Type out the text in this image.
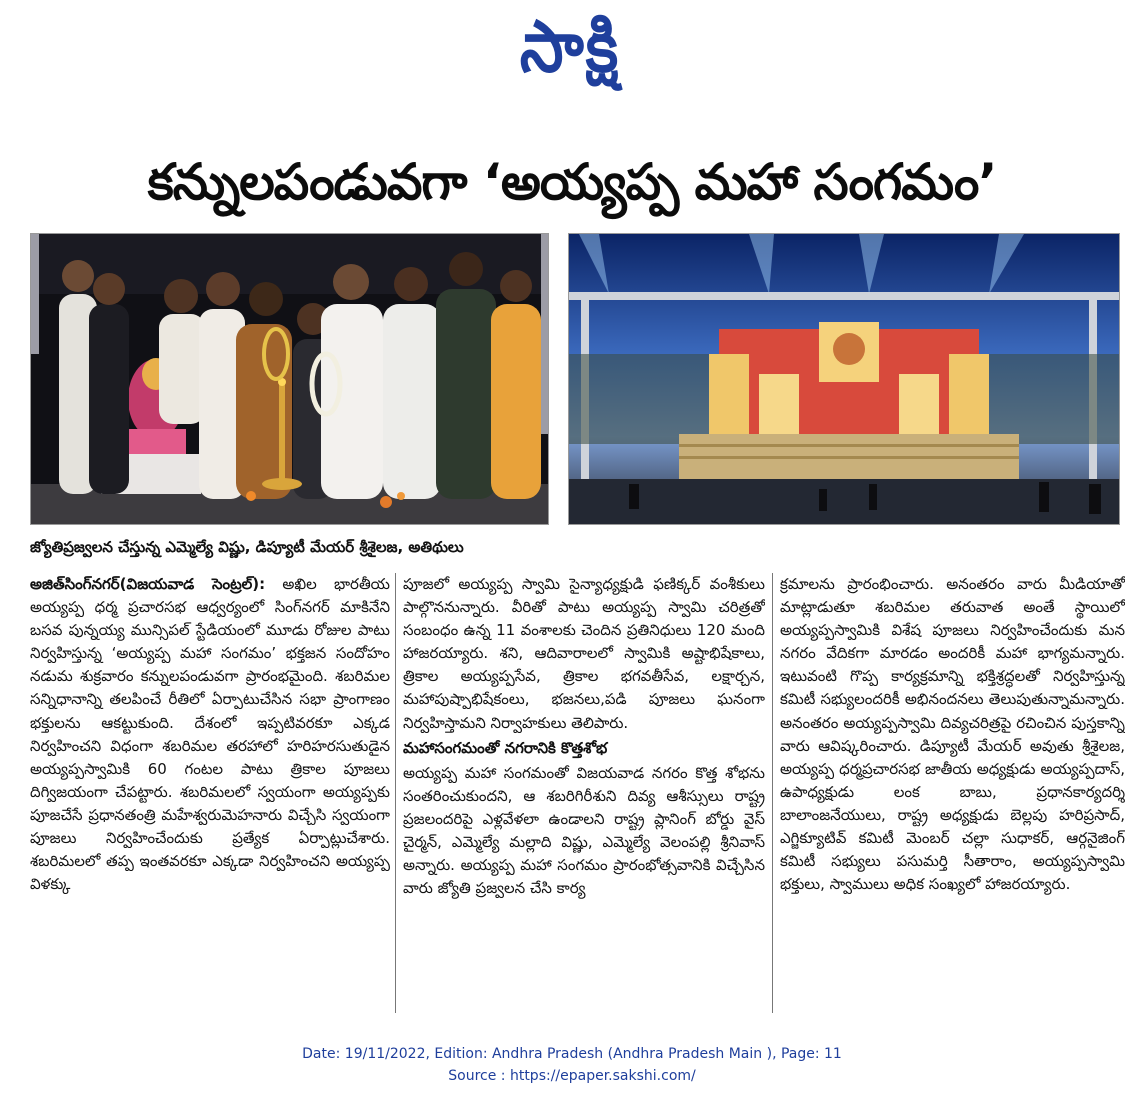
సాక్షి
కన్నులపండువగా ‘అయ్యప్ప మహా సంగమం’
జ్యోతిప్రజ్వలన చేస్తున్న ఎమ్మెల్యే విష్ణు, డిప్యూటీ మేయర్ శ్రీశైలజ, అతిథులు

అజిత్‌సింగ్‌నగర్(విజయవాడ సెంట్రల్): అఖిల భారతీయ అయ్యప్ప ధర్మ ప్రచారసభ ఆధ్వర్యంలో సింగ్‌నగర్ మాకినేని బసవ పున్నయ్య మున్సిపల్ స్టేడియంలో మూడు రోజుల పాటు నిర్వహిస్తున్న ‘అయ్యప్ప మహా సంగమం’ భక్తజన సందోహం నడుమ శుక్రవారం కన్నులపండువగా ప్రారంభమైంది. శబరిమల సన్నిధానాన్ని తలపించే రీతిలో ఏర్పాటుచేసిన సభా ప్రాంగాణం భక్తులను ఆకట్టుకుంది. దేశంలో ఇప్పటివరకూ ఎక్కడ నిర్వహించని విధంగా శబరిమల తరహాలో హరిహరసుతుడైన అయ్యప్పస్వామికి 60 గంటల పాటు త్రికాల పూజలు దిగ్విజయంగా చేపట్టారు. శబరిమలలో స్వయంగా అయ్యప్పకు పూజచేసే ప్రధానతంత్రి మహేశ్వరుమెహనారు విచ్చేసి స్వయంగా పూజలు నిర్వహించేందుకు ప్రత్యేక ఏర్పాట్లుచేశారు. శబరిమలలో తప్ప ఇంతవరకూ ఎక్కడా నిర్వహించని అయ్యప్ప విళక్కు

పూజలో అయ్యప్ప స్వామి సైన్యాధ్యక్షుడి ఫణిక్కర్ వంశీకులు పాల్గొననున్నారు. వీరితో పాటు అయ్యప్ప స్వామి చరిత్రతో సంబంధం ఉన్న 11 వంశాలకు చెందిన ప్రతినిధులు 120 మంది హాజరయ్యారు. శని, ఆదివారాలలో స్వామికి అష్టాభిషేకాలు, త్రికాల అయ్యప్పసేవ, త్రికాల భగవతీసేవ, లక్షార్చన, మహాపుష్పాభిషేకంలు, భజనలు,పడి పూజలు ఘనంగా నిర్వహిస్తామని నిర్వాహకులు తెలిపారు.

మహాసంగమంతో నగరానికి కొత్తశోభ

అయ్యప్ప మహా సంగమంతో విజయవాడ నగరం కొత్త శోభను సంతరించుకుందని, ఆ శబరిగిరీశుని దివ్య ఆశీస్సులు రాష్ట్ర ప్రజలందరిపై ఎళ్లవేళలా ఉండాలని రాష్ట్ర ప్లానింగ్ బోర్డు వైస్ చైర్మన్, ఎమ్మెల్యే మల్లాది విష్ణు, ఎమ్మెల్యే వెలంపల్లి శ్రీనివాస్ అన్నారు. అయ్యప్ప మహా సంగమం ప్రారంభోత్సవానికి విచ్చేసిన వారు జ్యోతి ప్రజ్వలన చేసి కార్య

క్రమాలను ప్రారంభించారు. అనంతరం వారు మీడియాతో మాట్లాడుతూ శబరిమల తరువాత అంతే స్థాయిలో అయ్యప్పస్వామికి విశేష పూజలు నిర్వహించేందుకు మన నగరం వేదికగా మారడం అందరికీ మహా భాగ్యమన్నారు. ఇటువంటి గొప్ప కార్యక్రమాన్ని భక్తిశ్రద్ధలతో నిర్వహిస్తున్న కమిటీ సభ్యులందరికీ అభినందనలు తెలుపుతున్నామన్నారు. అనంతరం అయ్యప్పస్వామి దివ్యచరిత్రపై రచించిన పుస్తకాన్ని వారు ఆవిష్కరించారు. డిప్యూటీ మేయర్ అవుతు శ్రీశైలజ, అయ్యప్ప ధర్మప్రచారసభ జాతీయ అధ్యక్షుడు అయ్యప్పదాస్, ఉపాధ్యక్షుడు లంక బాబు, ప్రధానకార్యదర్శి బాలాంజనేయులు, రాష్ట్ర అధ్యక్షుడు బెల్లపు హరిప్రసాద్, ఎగ్జిక్యూటివ్ కమిటీ మెంబర్ చల్లా సుధాకర్, ఆర్గనైజింగ్ కమిటీ సభ్యులు పసుమర్తి సీతారాం, అయ్యప్పస్వామి భక్తులు, స్వాములు అధిక సంఖ్యలో హాజరయ్యారు.

Date: 19/11/2022, Edition: Andhra Pradesh (Andhra Pradesh Main ), Page: 11
Source : https://epaper.sakshi.com/
